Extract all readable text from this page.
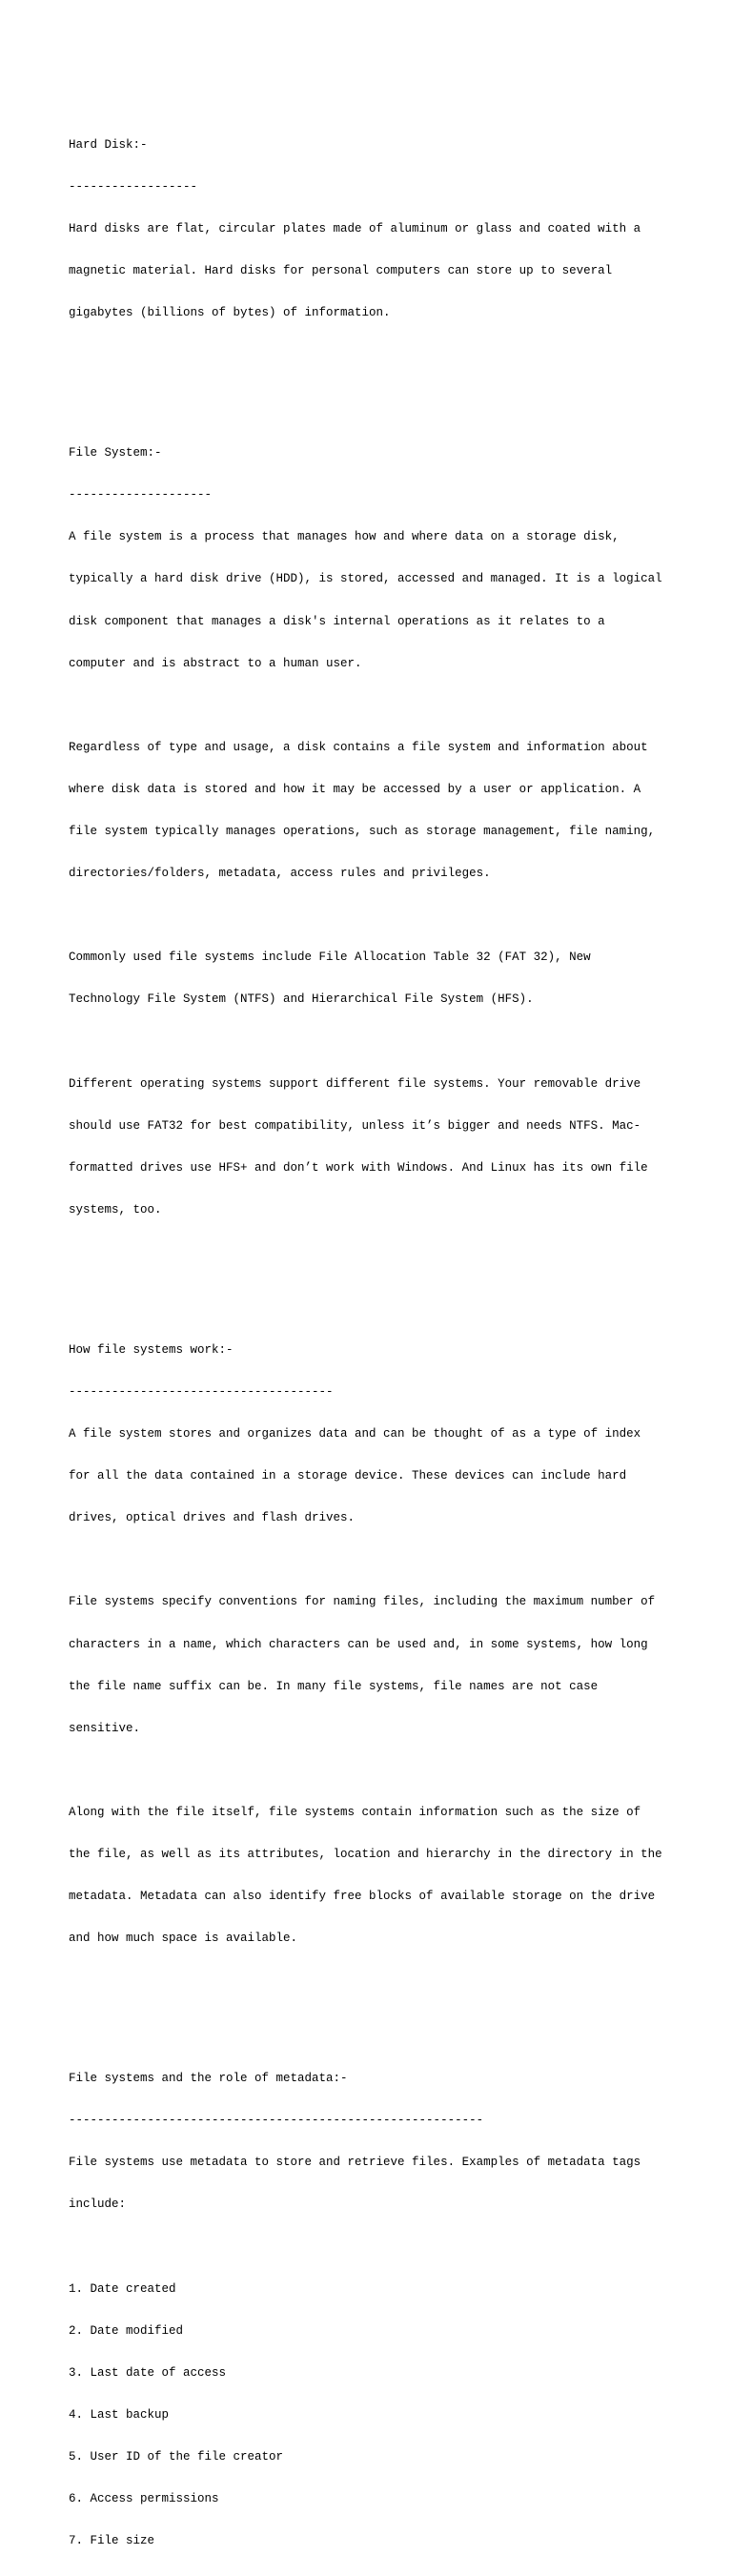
Hard Disk:-

------------------

Hard disks are flat, circular plates made of aluminum or glass and coated with a

magnetic material. Hard disks for personal computers can store up to several

gigabytes (billions of bytes) of information.

File System:-

--------------------

A file system is a process that manages how and where data on a storage disk,

typically a hard disk drive (HDD), is stored, accessed and managed. It is a logical

disk component that manages a disk's internal operations as it relates to a

computer and is abstract to a human user.

Regardless of type and usage, a disk contains a file system and information about

where disk data is stored and how it may be accessed by a user or application. A

file system typically manages operations, such as storage management, file naming,

directories/folders, metadata, access rules and privileges.

Commonly used file systems include File Allocation Table 32 (FAT 32), New

Technology File System (NTFS) and Hierarchical File System (HFS).

Different operating systems support different file systems. Your removable drive

should use FAT32 for best compatibility, unless it’s bigger and needs NTFS. Mac-

formatted drives use HFS+ and don’t work with Windows. And Linux has its own file

systems, too.

How file systems work:-

-------------------------------------

A file system stores and organizes data and can be thought of as a type of index

for all the data contained in a storage device. These devices can include hard

drives, optical drives and flash drives.

File systems specify conventions for naming files, including the maximum number of

characters in a name, which characters can be used and, in some systems, how long

the file name suffix can be. In many file systems, file names are not case

sensitive.

Along with the file itself, file systems contain information such as the size of

the file, as well as its attributes, location and hierarchy in the directory in the

metadata. Metadata can also identify free blocks of available storage on the drive

and how much space is available.

File systems and the role of metadata:-

----------------------------------------------------------

File systems use metadata to store and retrieve files. Examples of metadata tags

include:

1. Date created

2. Date modified

3. Last date of access

4. Last backup

5. User ID of the file creator

6. Access permissions

7. File size
